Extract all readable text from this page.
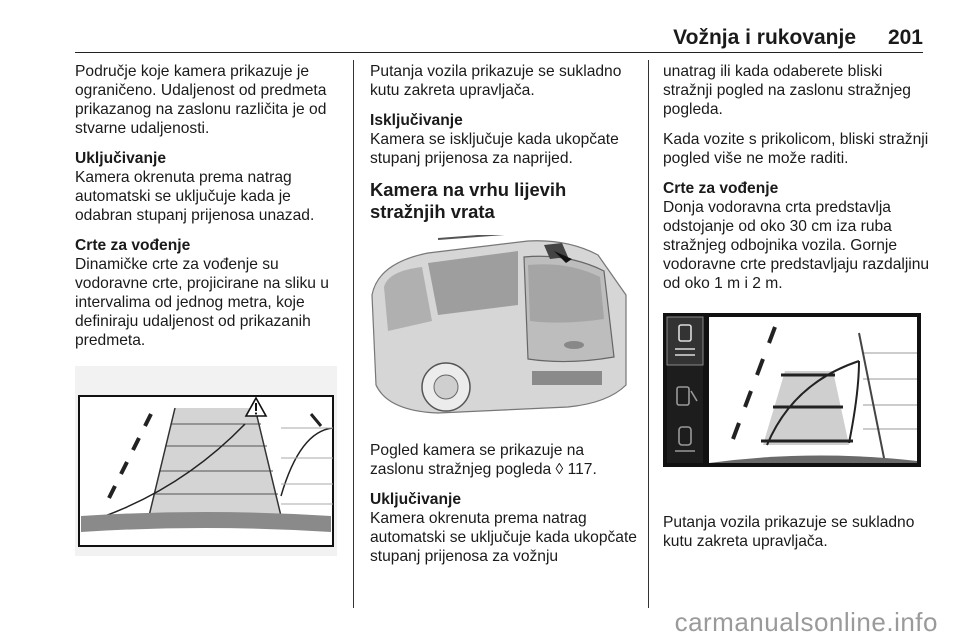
Vožnja i rukovanje 201

Područje koje kamera prikazuje je ograničeno. Udaljenost od predmeta prikazanog na zaslonu različita je od stvarne udaljenosti.

Uključivanje
Kamera okrenuta prema natrag automatski se uključuje kada je odabran stupanj prijenosa unazad.

Crte za vođenje
Dinamičke crte za vođenje su vodoravne crte, projicirane na sliku u intervalima od jednog metra, koje definiraju udaljenost od prikazanih predmeta.

Putanja vozila prikazuje se sukladno kutu zakreta upravljača.

Isključivanje
Kamera se isključuje kada ukopčate stupanj prijenosa za naprijed.

Kamera na vrhu lijevih stražnjih vrata

Pogled kamera se prikazuje na zaslonu stražnjeg pogleda ◊ 117.

Uključivanje
Kamera okrenuta prema natrag automatski se uključuje kada ukopčate stupanj prijenosa za vožnju

unatrag ili kada odaberete bliski stražnji pogled na zaslonu stražnjeg pogleda.

Kada vozite s prikolicom, bliski stražnji pogled više ne može raditi.

Crte za vođenje
Donja vodoravna crta predstavlja odstojanje od oko 30 cm iza ruba stražnjeg odbojnika vozila. Gornje vodoravne crte predstavljaju razdaljinu od oko 1 m i 2 m.

Putanja vozila prikazuje se sukladno kutu zakreta upravljača.

carmanualsonline.info
